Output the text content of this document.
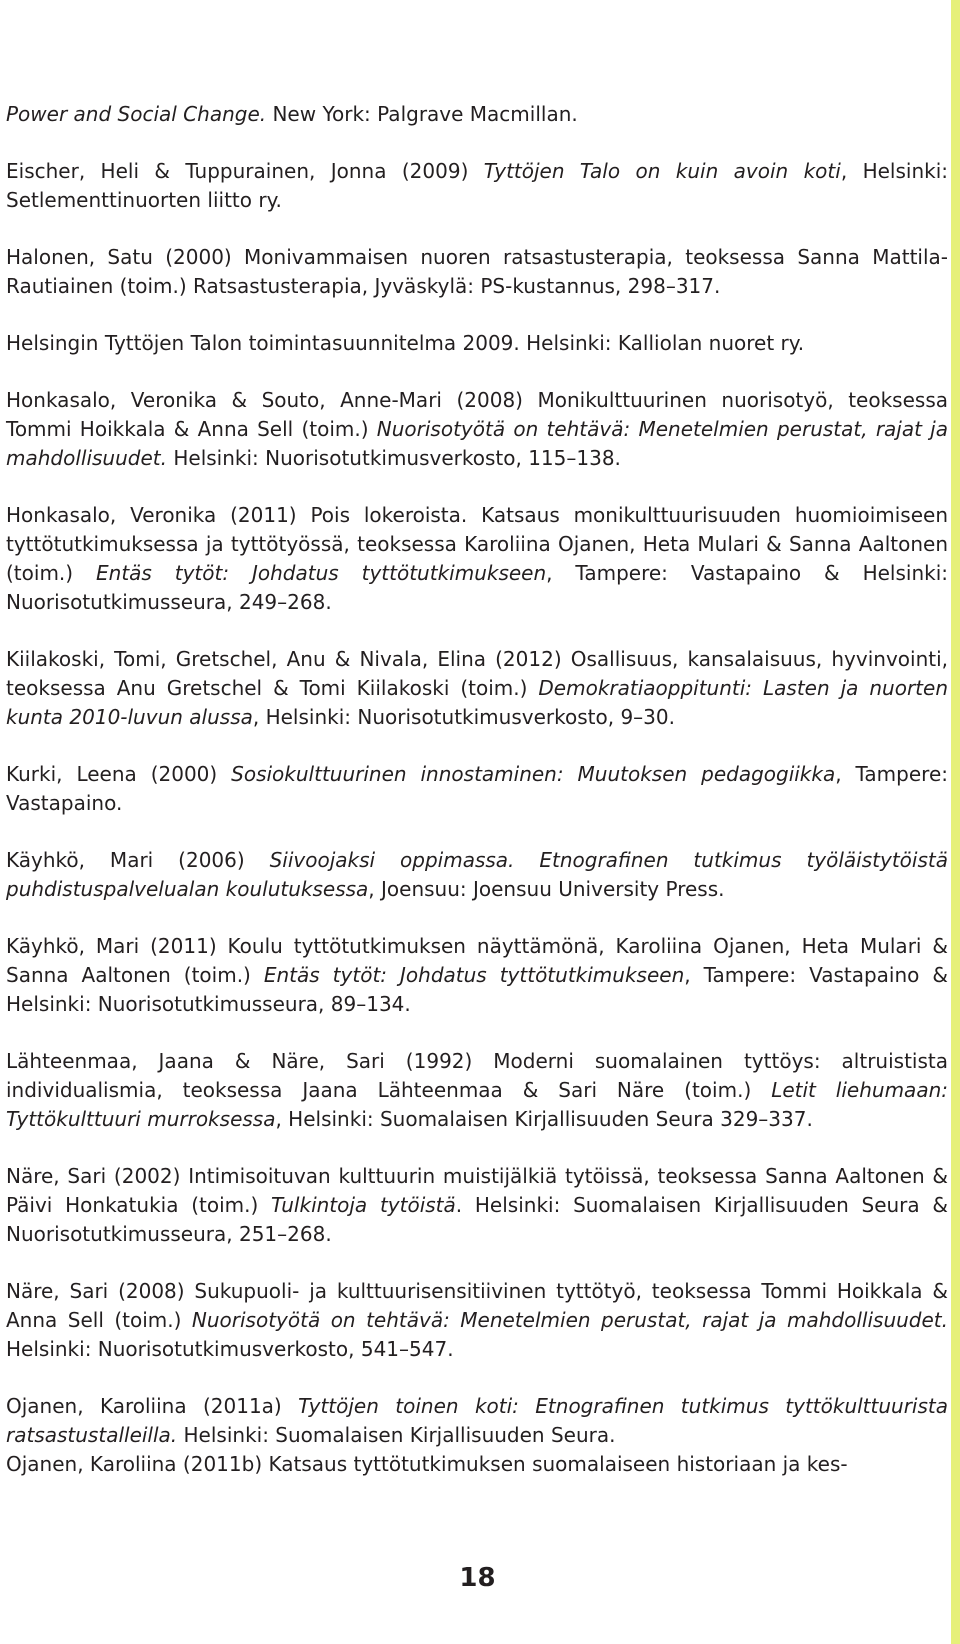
Power and Social Change. New York: Palgrave Macmillan.

Eischer, Heli & Tuppurainen, Jonna (2009) Tyttöjen Talo on kuin avoin koti, Helsinki: Setlementtinuorten liitto ry.

Halonen, Satu (2000) Monivammaisen nuoren ratsastusterapia, teoksessa Sanna Mattila-Rautiainen (toim.) Ratsastusterapia, Jyväskylä: PS-kustannus, 298–317.

Helsingin Tyttöjen Talon toimintasuunnitelma 2009. Helsinki: Kalliolan nuoret ry.

Honkasalo, Veronika & Souto, Anne-Mari (2008) Monikulttuurinen nuorisotyö, teoksessa Tommi Hoikkala & Anna Sell (toim.) Nuorisotyötä on tehtävä: Menetelmien perustat, rajat ja mahdollisuudet. Helsinki: Nuorisotutkimusverkosto, 115–138.

Honkasalo, Veronika (2011) Pois lokeroista. Katsaus monikulttuurisuuden huomioimiseen tyttötutkimuksessa ja tyttötyössä, teoksessa Karoliina Ojanen, Heta Mulari & Sanna Aaltonen (toim.) Entäs tytöt: Johdatus tyttötutkimukseen, Tampere: Vastapaino & Helsinki: Nuorisotutkimusseura, 249–268.

Kiilakoski, Tomi, Gretschel, Anu & Nivala, Elina (2012) Osallisuus, kansalaisuus, hyvinvointi, teoksessa Anu Gretschel & Tomi Kiilakoski (toim.) Demokratiaoppitunti: Lasten ja nuorten kunta 2010-luvun alussa, Helsinki: Nuorisotutkimusverkosto, 9–30.

Kurki, Leena (2000) Sosiokulttuurinen innostaminen: Muutoksen pedagogiikka, Tampere: Vastapaino.

Käyhkö, Mari (2006) Siivoojaksi oppimassa. Etnografinen tutkimus työläistytöistä puhdistuspalvelualan koulutuksessa, Joensuu: Joensuu University Press.

Käyhkö, Mari (2011) Koulu tyttötutkimuksen näyttämönä, Karoliina Ojanen, Heta Mulari & Sanna Aaltonen (toim.) Entäs tytöt: Johdatus tyttötutkimukseen, Tampere: Vastapaino & Helsinki: Nuorisotutkimusseura, 89–134.

Lähteenmaa, Jaana & Näre, Sari (1992) Moderni suomalainen tyttöys: altruistista individualismia, teoksessa Jaana Lähteenmaa & Sari Näre (toim.) Letit liehumaan: Tyttökulttuuri murroksessa, Helsinki: Suomalaisen Kirjallisuuden Seura 329–337.

Näre, Sari (2002) Intimisoituvan kulttuurin muistijälkiä tytöissä, teoksessa Sanna Aaltonen & Päivi Honkatukia (toim.) Tulkintoja tytöistä. Helsinki: Suomalaisen Kirjallisuuden Seura & Nuorisotutkimusseura, 251–268.

Näre, Sari (2008) Sukupuoli- ja kulttuurisensitiivinen tyttötyö, teoksessa Tommi Hoikkala & Anna Sell (toim.) Nuorisotyötä on tehtävä: Menetelmien perustat, rajat ja mahdollisuudet. Helsinki: Nuorisotutkimusverkosto, 541–547.

Ojanen, Karoliina (2011a) Tyttöjen toinen koti: Etnografinen tutkimus tyttökulttuurista ratsastustalleilla. Helsinki: Suomalaisen Kirjallisuuden Seura.

Ojanen, Karoliina (2011b) Katsaus tyttötutkimuksen suomalaiseen historiaan ja kes-

18
